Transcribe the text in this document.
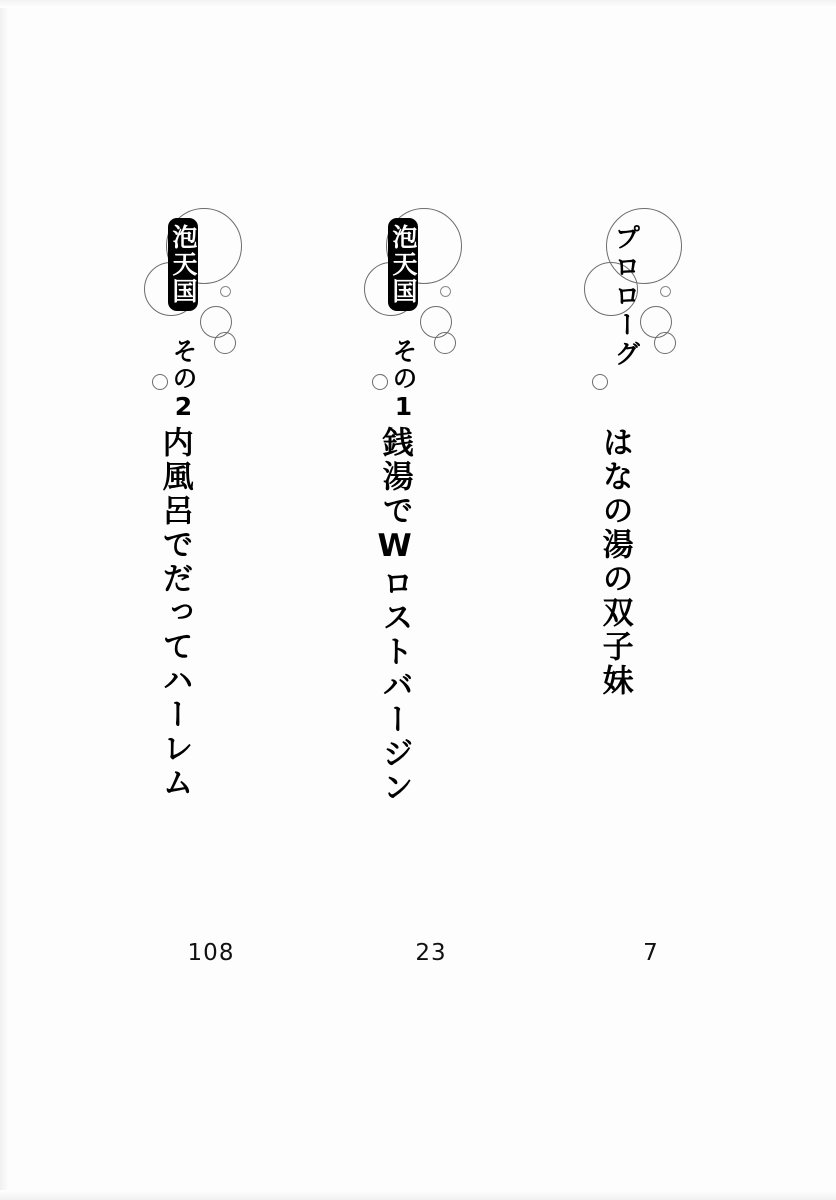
プロローグ
はなの湯の双子妹
7
泡天国 その1
銭湯でWロストバージン
23
泡天国 その2
内風呂でだってハーレム
108
